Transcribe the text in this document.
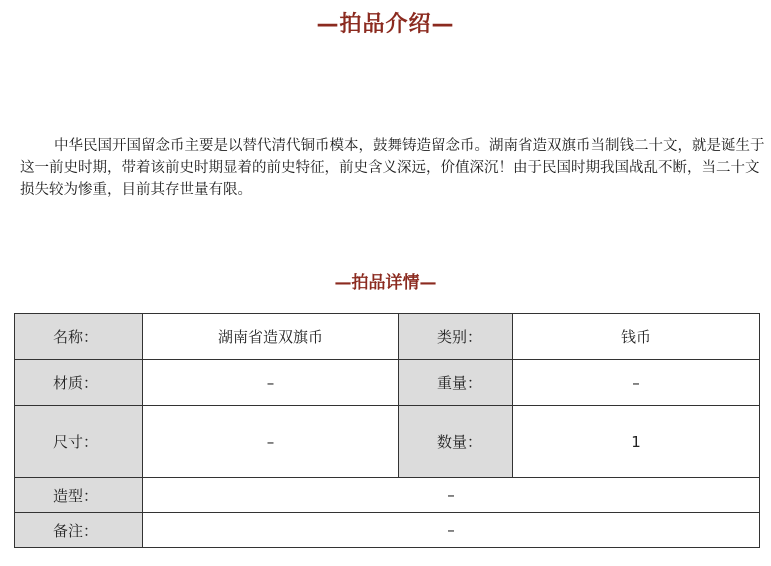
—拍品介绍—

中华民国开国留念币主要是以替代清代铜币模本，鼓舞铸造留念币。湖南省造双旗币当制钱二十文，就是诞生于这一前史时期，带着该前史时期显着的前史特征，前史含义深远，价值深沉！由于民国时期我国战乱不断，当二十文损失较为惨重，目前其存世量有限。

—拍品详情—
名称：	湖南省造双旗币	类别：	钱币
材质：	–	重量：	–
尺寸：	–	数量：	1
造型：	–		
备注：	–		
